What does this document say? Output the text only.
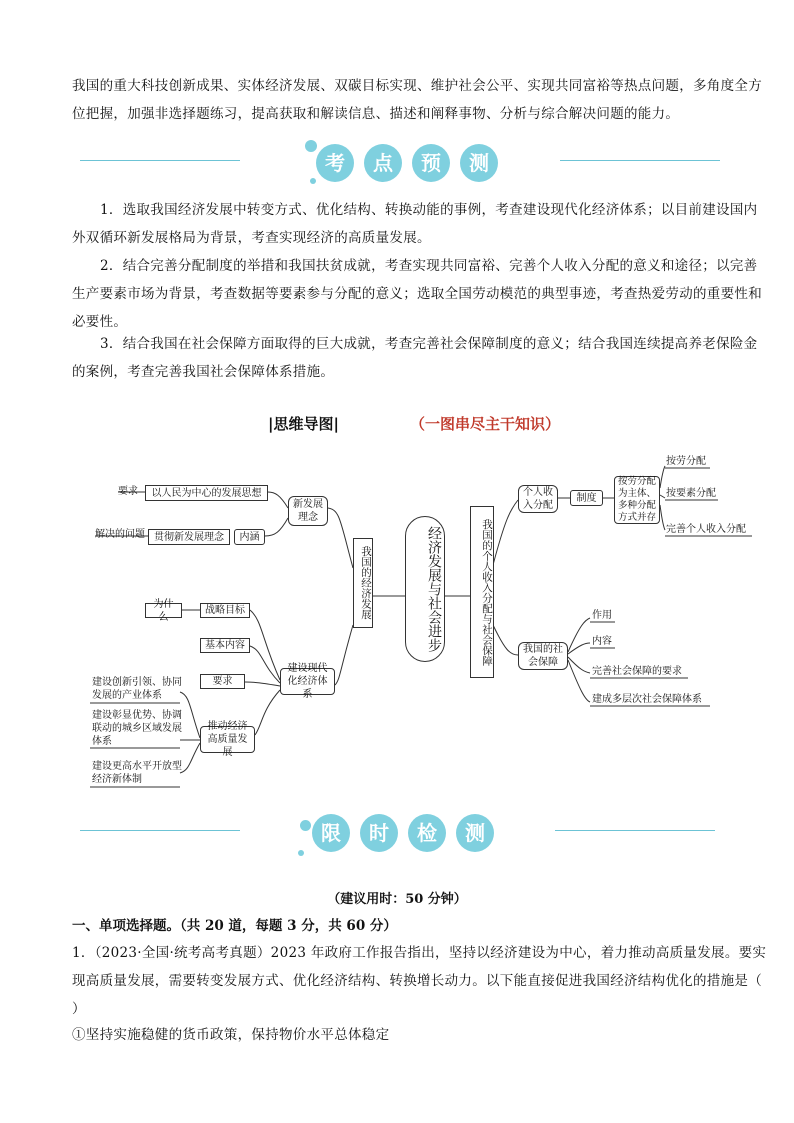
我国的重大科技创新成果、实体经济发展、双碳目标实现、维护社会公平、实现共同富裕等热点问题，多角度全方位把握，加强非选择题练习，提高获取和解读信息、描述和阐释事物、分析与综合解决问题的能力。

考	点	预	测

1．选取我国经济发展中转变方式、优化结构、转换动能的事例，考查建设现代化经济体系；以目前建设国内外双循环新发展格局为背景，考查实现经济的高质量发展。

2．结合完善分配制度的举措和我国扶贫成就，考查实现共同富裕、完善个人收入分配的意义和途径；以完善生产要素市场为背景，考查数据等要素参与分配的意义；选取全国劳动模范的典型事迹，考查热爱劳动的重要性和必要性。

3．结合我国在社会保障方面取得的巨大成就，考查完善社会保障制度的意义；结合我国连续提高养老保险金的案例，考查完善我国社会保障体系措施。

|思维导图|	（一图串尽主干知识）
经济发展与社会进步
我国的经济发展	我国的个人收入分配与社会保障
新发展理念
要求	以人民为中心的发展思想
解决的问题 贯彻新发展理念	内涵
建设现代化经济体系
为什么
战略目标
基本内容
要求
推动经济高质量发展
建设创新引领、协同发展的产业体系
建设彰显优势、协调联动的城乡区域发展体系
建设更高水平开放型经济新体制
个人收入分配
制度
按劳分配为主体、多种分配方式并存
按劳分配
按要素分配
完善个人收入分配
我国的社会保障
作用
内容
完善社会保障的要求
建成多层次社会保障体系
限	时	检	测
（建议用时：50 分钟）
一、单项选择题。（共 20 道，每题 3 分，共 60 分）

1．（2023·全国·统考高考真题）2023 年政府工作报告指出，坚持以经济建设为中心，着力推动高质量发展。要实现高质量发展，需要转变发展方式、优化经济结构、转换增长动力。以下能直接促进我国经济结构优化的措施是（ ）

①坚持实施稳健的货币政策，保持物价水平总体稳定
